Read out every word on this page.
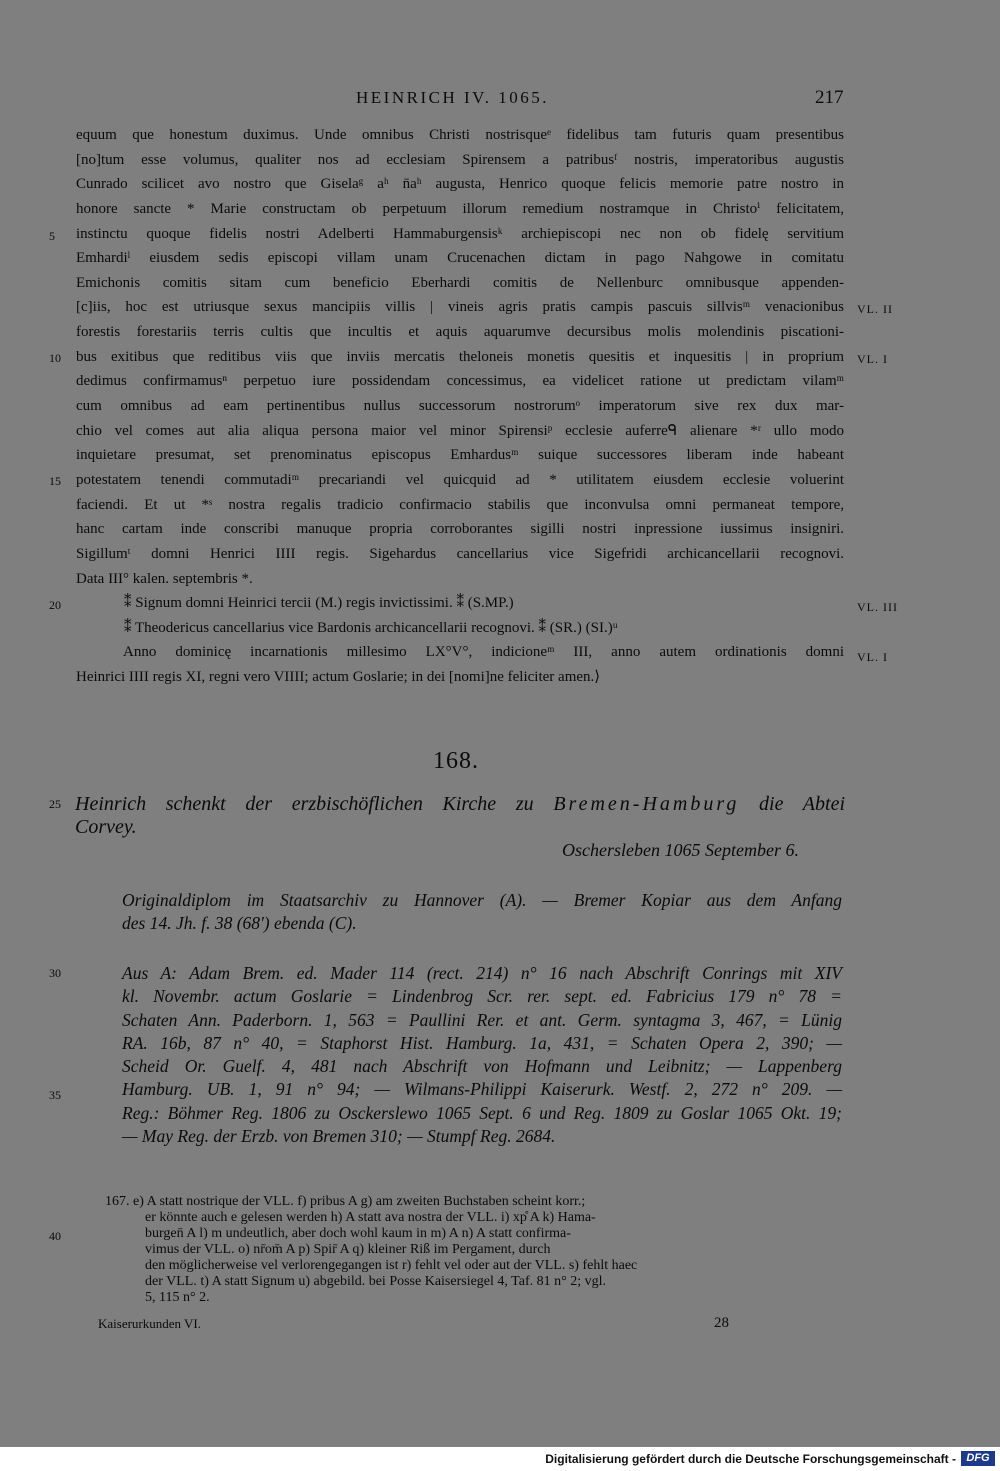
HEINRICH IV. 1065.	217
equum que honestum duximus. Unde omnibus Christi nostrisqueᵉ fidelibus tam futuris quam presentibus
[no]tum esse volumus, qualiter nos ad ecclesiam Spirensem a patribusᶠ nostris, imperatoribus augustis
Cunrado scilicet avo nostro que Giselaᵍ aʰ n̄aʰ augusta, Henrico quoque felicis memorie patre nostro in
honore sancte * Marie constructam ob perpetuum illorum remedium nostramque in Christoⁱ felicitatem,
instinctu quoque fidelis nostri Adelberti Hammaburgensisᵏ archiepiscopi nec non ob fidelę servitium
Emhardiˡ eiusdem sedis episcopi villam unam Crucenachen dictam in pago Nahgowe in comitatu
Emichonis comitis sitam cum beneficio Eberhardi comitis de Nellenburc omnibusque appenden-
[c]iis, hoc est utriusque sexus mancipiis villis | vineis agris pratis campis pascuis sillvisᵐ venacionibus
forestis forestariis terris cultis que incultis et aquis aquarumve decursibus molis molendinis piscationi-
bus exitibus que reditibus viis que inviis mercatis theloneis monetis quesitis et inquesitis | in proprium
dedimus confirmamusⁿ perpetuo iure possidendam concessimus, ea videlicet ratione ut predictam vilamᵐ
cum omnibus ad eam pertinentibus nullus successorum nostrorumᵒ imperatorum sive rex dux mar-
chio vel comes aut alia aliqua persona maior vel minor Spirensiᵖ ecclesie auferreᑫ alienare *ʳ ullo modo
inquietare presumat, set prenominatus episcopus Emhardusᵐ suique successores liberam inde habeant
potestatem tenendi commutadiᵐ precariandi vel quicquid ad * utilitatem eiusdem ecclesie voluerint
faciendi. Et ut *ˢ nostra regalis tradicio confirmacio stabilis que inconvulsa omni permaneat tempore,
hanc cartam inde conscribi manuque propria corroborantes sigilli nostri inpressione iussimus insigniri.
Sigillumᵗ domni Henrici IIII regis. Sigehardus cancellarius vice Sigefridi archicancellarii recognovi.
Data III° kalen. septembris *.
⁑ Signum domni Heinrici tercii (M.) regis invictissimi. ⁑ (S.MP.)
⁑ Theodericus cancellarius vice Bardonis archicancellarii recognovi. ⁑ (SR.) (SI.)ᵘ
Anno dominicę incarnationis millesimo LX°V°, indicioneᵐ III, anno autem ordinationis domni
Heinrici IIII regis XI, regni vero VIIII; actum Goslarie; in dei [nomi]ne feliciter amen.⟩
5
10
15
20
25
30
35
40
VL. II
VL. I
VL. III
VL. I
168.
Heinrich schenkt der erzbischöflichen Kirche zu Bremen-Hamburg die Abtei
Corvey.
Oschersleben 1065 September 6.
Originaldiplom im Staatsarchiv zu Hannover (A). — Bremer Kopiar aus dem Anfang
des 14. Jh. f. 38 (68') ebenda (C).
Aus A: Adam Brem. ed. Mader 114 (rect. 214) n° 16 nach Abschrift Conrings mit XIV
kl. Novembr. actum Goslarie = Lindenbrog Scr. rer. sept. ed. Fabricius 179 n° 78 =
Schaten Ann. Paderborn. 1, 563 = Paullini Rer. et ant. Germ. syntagma 3, 467, = Lünig
RA. 16b, 87 n° 40, = Staphorst Hist. Hamburg. 1a, 431, = Schaten Opera 2, 390; —
Scheid Or. Guelf. 4, 481 nach Abschrift von Hofmann und Leibnitz; — Lappenberg
Hamburg. UB. 1, 91 n° 94; — Wilmans-Philippi Kaiserurk. Westf. 2, 272 n° 209. —
Reg.: Böhmer Reg. 1806 zu Osckerslewo 1065 Sept. 6 und Reg. 1809 zu Goslar 1065 Okt. 19;
— May Reg. der Erzb. von Bremen 310; — Stumpf Reg. 2684.
167. e) A statt nostrique der VLL. f) pribus A g) am zweiten Buchstaben scheint korr.;
er könnte auch e gelesen werden h) A statt ava nostra der VLL. i) xp̊ A k) Hama-
burgen̄ A l) m undeutlich, aber doch wohl kaum in m) A n) A statt confirma-
vimus der VLL. o) nr̄om̄ A p) Spir̄ A q) kleiner Riß im Pergament, durch
den möglicherweise vel verlorengegangen ist r) fehlt vel oder aut der VLL. s) fehlt haec
der VLL. t) A statt Signum u) abgebild. bei Posse Kaisersiegel 4, Taf. 81 n° 2; vgl.
5, 115 n° 2.
Kaiserurkunden VI.	28
Digitalisierung gefördert durch die Deutsche Forschungsgemeinschaft - DFG
